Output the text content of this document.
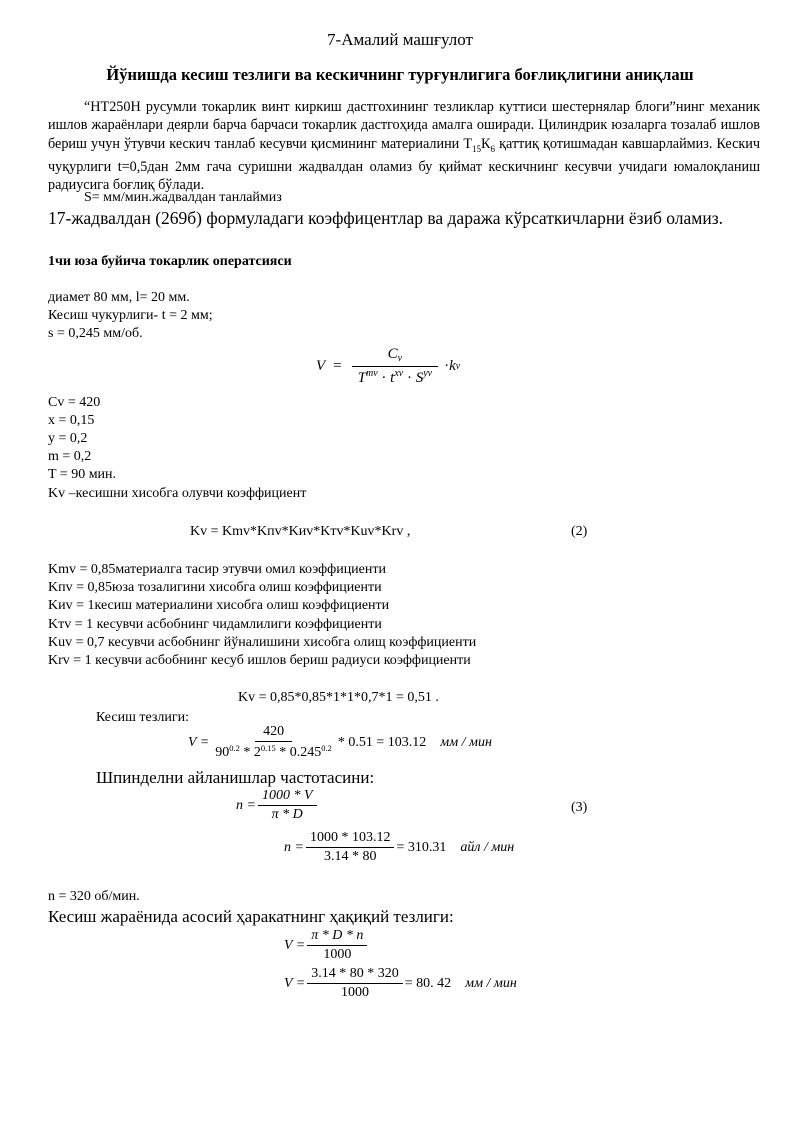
7-Амалий машғулот
Йўнишда кесиш тезлиги ва кескичнинг турғунлигига боғлиқлигини аниқлаш
“НТ250Н русумли токарлик винт киркиш дастгохининг тезликлар куттиси шестернялар блоги”нинг механик ишлов жараёнлари деярли барча барчаси токарлик дастгоҳида амалга оширади. Цилиндрик юзаларга тозалаб ишлов бериш учун ўтувчи кескич танлаб кесувчи қисмининг материалини $Т_{15}К_6$ қаттиқ қотишмадан кавшарлаймиз. Кескич чуқурлиги t=0,5дан 2мм гача суришни жадвалдан оламиз бу қиймат кескичнинг кесувчи учидаги юмалоқланиш радиусига боғлиқ бўлади.
S= мм/мин.жадвалдан танлаймиз
17-жадвалдан (269б) формуладаги коэффицентлар ва даража кўрсаткичларни ёзиб оламиз.
1чи юза буйича токарлик оператсияси
диамет 80 мм, l= 20 мм.
Кесиш чукурлиги- t = 2 мм;
s = 0,245 мм/об.
$V = \frac{C_v}{T^{mv} \cdot t^{xv} \cdot S^{yv}} \cdot k$ v
Cv = 420
x = 0,15
y = 0,2
m = 0,2
T = 90 мин.
Kv –кесишни хисобга олувчи коэффициент
Kv = Kmv*Kпv*Kиv*Kтv*Kuv*Krv ,	(2)
Kmv = 0,85материалга тасир этувчи омил коэффициенти
Kпv = 0,85юза тозалигини хисобга олиш коэффициенти
Kиv = 1кесиш материалини хисобга олиш коэффициенти
Kтv = 1 кесувчи асбобнинг чидамлилиги коэффициенти
Kuv = 0,7 кесувчи асбобнинг йўналишини хисобга олищ коэффициенти
Krv = 1 кесувчи асбобнинг кесуб ишлов бериш радиуси коэффициенти
Kv = 0,85*0,85*1*1*0,7*1 = 0,51 .
Кесиш тезлиги:
$V = \frac{420}{90^{0.2} * 2^{0.15} * 0.245^{0.2}} * 0.51 = 103.12$ мм / мин
Шпинделни айланишлар частотасини:
$n = \frac{1000 * V}{\pi * D}$	(3)
$n = \frac{1000 * 103.12}{3.14 * 80} = 310.31$ айл / мин
n = 320 об/мин.
Кесиш жараёнида асосий ҳаракатнинг ҳақиқий тезлиги:
$V = \frac{\pi * D * n}{1000}$
$V = \frac{3.14 * 80 * 320}{1000} = 80$. 42 мм / мин
